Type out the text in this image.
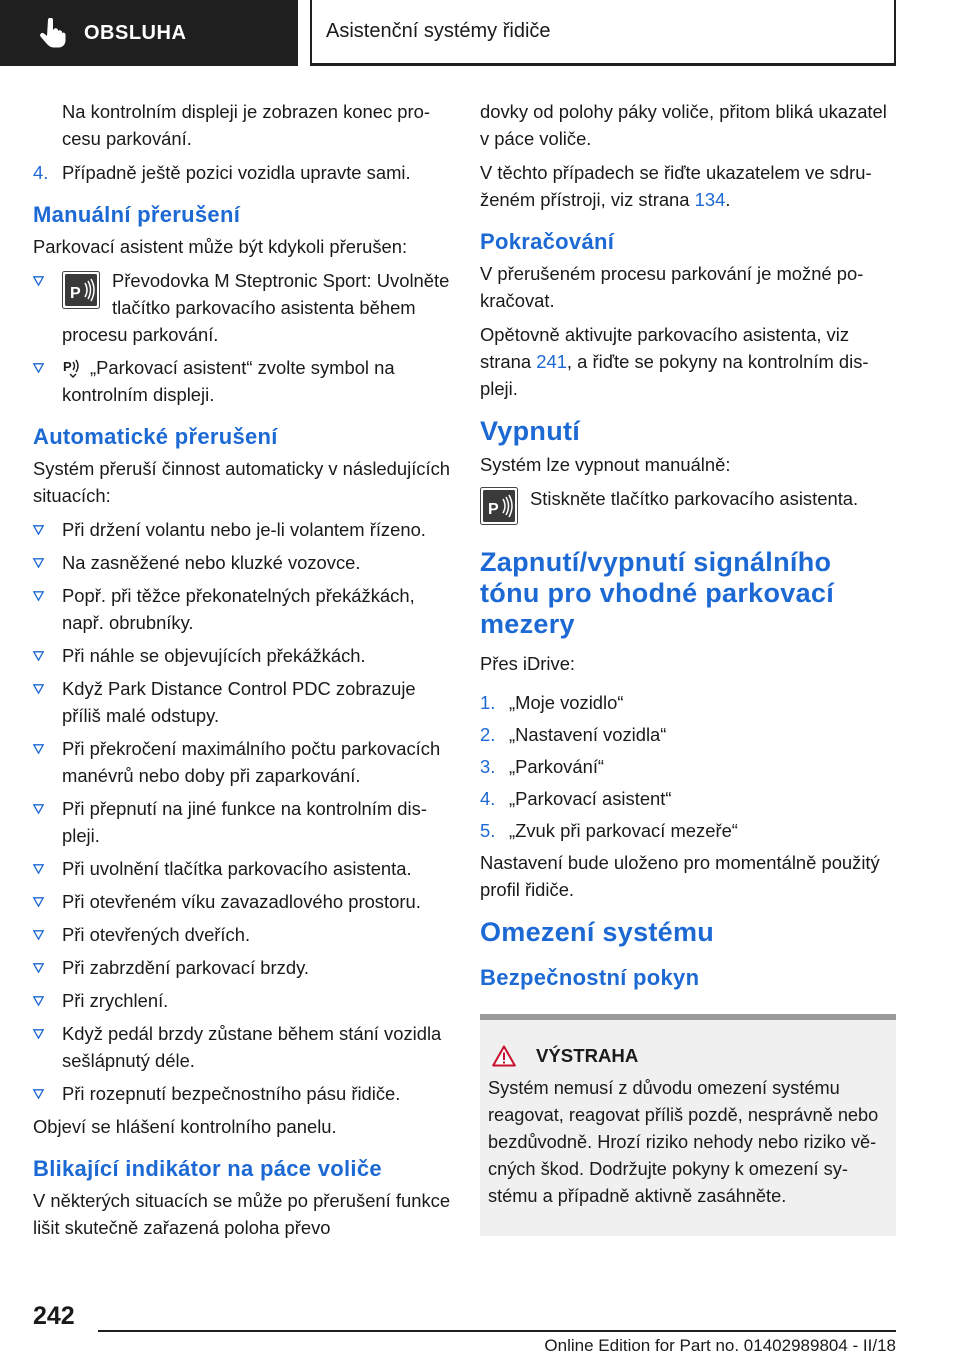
OBSLUHA	Asistenční systémy řidiče

Na kontrolním displeji je zobrazen konec procesu parkování.

4. Případně ještě pozici vozidla upravte sami.
Manuální přerušení

Parkovací asistent může být kdykoli přerušen:

P
Převodovka M Steptronic Sport: Uvolněte tlačítko parkovacího asistenta během procesu parkování.
P „Parkovací asistent“ zvolte symbol na kontrolním displeji.
Automatické přerušení

Systém přeruší činnost automaticky v následujících situacích:

Při držení volantu nebo je-li volantem řízeno.
Na zasněžené nebo kluzké vozovce.
Popř. při těžce překonatelných překážkách, např. obrubníky.
Při náhle se objevujících překážkách.
Když Park Distance Control PDC zobrazuje příliš malé odstupy.
Při překročení maximálního počtu parkovacích manévrů nebo doby při zaparkování.
Při přepnutí na jiné funkce na kontrolním displeji.
Při uvolnění tlačítka parkovacího asistenta.
Při otevřeném víku zavazadlového prostoru.
Při otevřených dveřích.
Při zabrzdění parkovací brzdy.
Při zrychlení.
Když pedál brzdy zůstane během stání vozidla sešlápnutý déle.
Při rozepnutí bezpečnostního pásu řidiče.

Objeví se hlášení kontrolního panelu.

Blikající indikátor na páce voliče

V některých situacích se může po přerušení funkce lišit skutečně zařazená poloha převo

dovky od polohy páky voliče, přitom bliká ukazatel v páce voliče.

V těchto případech se řiďte ukazatelem ve sdruženém přístroji, viz strana 134.

Pokračování

V přerušeném procesu parkování je možné pokračovat.

Opětovně aktivujte parkovacího asistenta, viz strana 241, a řiďte se pokyny na kontrolním displeji.

Vypnutí

Systém lze vypnout manuálně:

P
Stiskněte tlačítko parkovacího asistenta.
Zapnutí/vypnutí signálního tónu pro vhodné parkovací mezery

Přes iDrive:

1. „Moje vozidlo“
2. „Nastavení vozidla“
3. „Parkování“
4. „Parkovací asistent“
5. „Zvuk při parkovací mezeře“

Nastavení bude uloženo pro momentálně použitý profil řidiče.

Omezení systému
Bezpečnostní pokyn
VÝSTRAHA
Systém nemusí z důvodu omezení systému reagovat, reagovat příliš pozdě, nesprávně nebo bezdůvodně. Hrozí riziko nehody nebo riziko věcných škod. Dodržujte pokyny k omezení systému a případně aktivně zasáhněte.
242
Online Edition for Part no. 01402989804 - II/18
